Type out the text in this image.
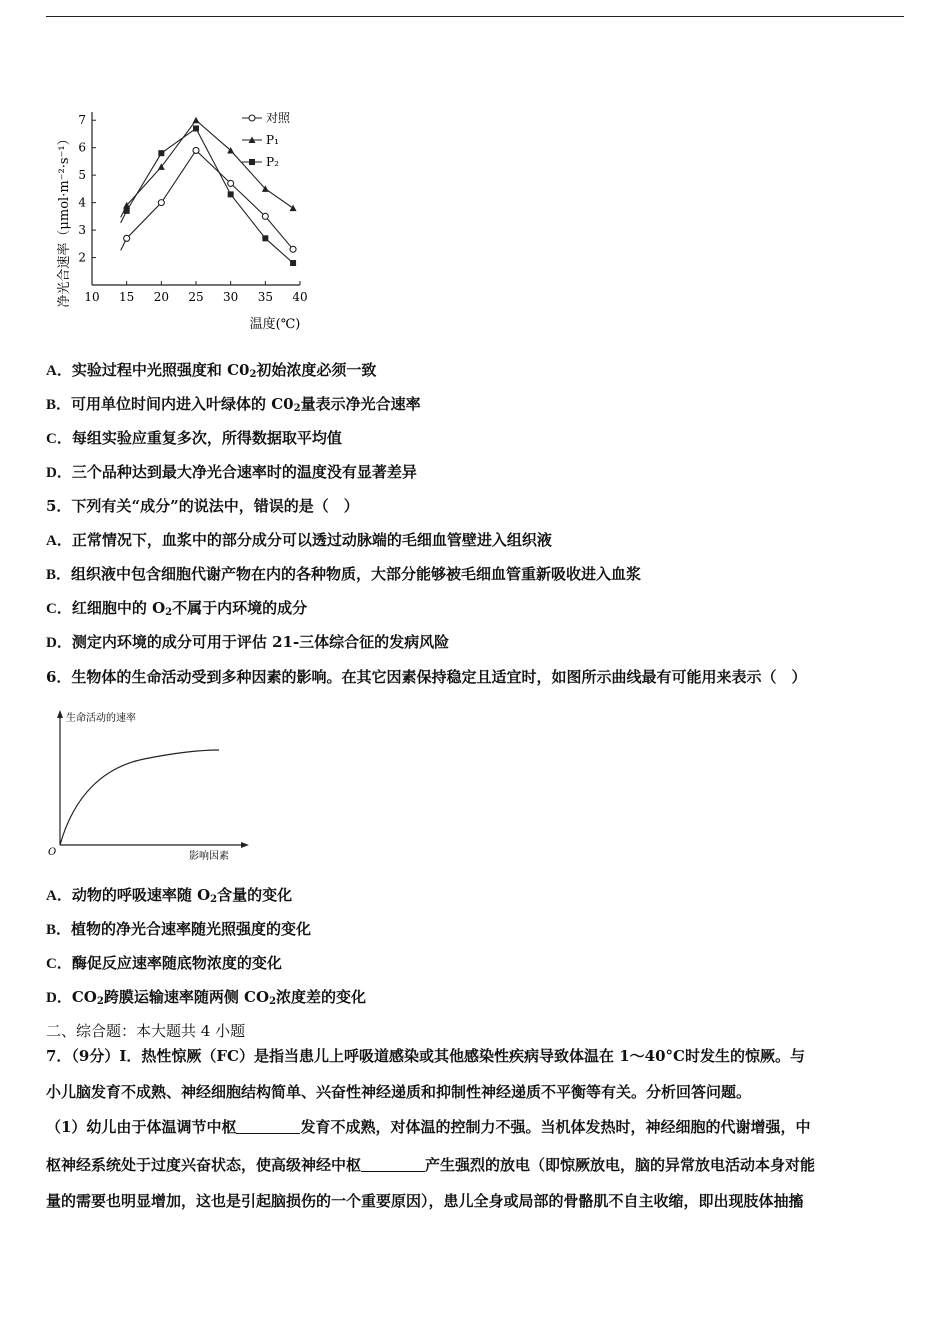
10 15 20 25 30 35 40
2
3
4
5
6
7	对照
P₁
P₂
净光合速率（μmol·m⁻²·s⁻¹）
温度(℃)
A．实验过程中光照强度和 $C0_2$初始浓度必须一致
B．可用单位时间内进入叶绿体的 $C0_2$量表示净光合速率
C．每组实验应重复多次，所得数据取平均值
D．三个品种达到最大净光合速率时的温度没有显著差异
5．下列有关“成分”的说法中，错误的是（　）
A．正常情况下，血浆中的部分成分可以透过动脉端的毛细血管壁进入组织液
B．组织液中包含细胞代谢产物在内的各种物质，大部分能够被毛细血管重新吸收进入血浆
C．红细胞中的 $O_2$不属于内环境的成分
D．测定内环境的成分可用于评估 21-三体综合征的发病风险
6．生物体的生命活动受到多种因素的影响。在其它因素保持稳定且适宜时，如图所示曲线最有可能用来表示（　）
生命活动的速率
影响因素
O
A．动物的呼吸速率随 $O_2$含量的变化
B．植物的净光合速率随光照强度的变化
C．酶促反应速率随底物浓度的变化
D．$CO_2$跨膜运输速率随两侧 $CO_2$浓度差的变化
二、综合题：本大题共 4 小题
7．（9分）Ⅰ．热性惊厥（FC）是指当患儿上呼吸道感染或其他感染性疾病导致体温在 1～40°C时发生的惊厥。与
小儿脑发育不成熟、神经细胞结构简单、兴奋性神经递质和抑制性神经递质不平衡等有关。分析回答问题。
（1）幼儿由于体温调节中枢	发育不成熟，对体温的控制力不强。当机体发热时，神经细胞的代谢增强，中
枢神经系统处于过度兴奋状态，使高级神经中枢	产生强烈的放电（即惊厥放电，脑的异常放电活动本身对能
量的需要也明显增加，这也是引起脑损伤的一个重要原因），患儿全身或局部的骨骼肌不自主收缩，即出现肢体抽搐
